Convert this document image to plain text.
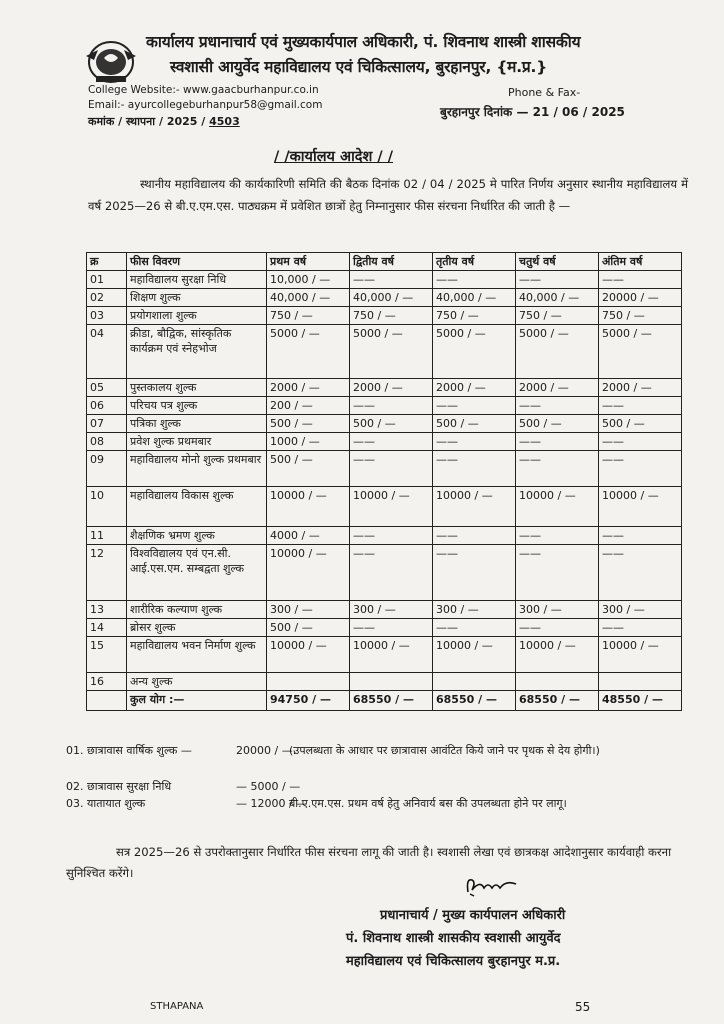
कार्यालय प्रधानाचार्य एवं मुख्यकार्यपाल अधिकारी, पं. शिवनाथ शास्त्री शासकीय
स्वशासी आयुर्वेद महाविद्यालय एवं चिकित्सालय, बुरहानपुर, {म.प्र.}
College Website:- www.gaacburhanpur.co.in
Email:- ayurcollegeburhanpur58@gmail.com
कमांक / स्थापना / 2025 / 4503
Phone & Fax-
बुरहानपुर दिनांक — 21 / 06 / 2025
/ /कार्यालय आदेश / /
स्थानीय महाविद्यालय की कार्यकारिणी समिति की बैठक दिनांक 02 / 04 / 2025 मे पारित निर्णय अनुसार स्थानीय महाविद्यालय में वर्ष 2025—26 से बी.ए.एम.एस. पाठ्यक्रम में प्रवेशित छात्रों हेतु निम्नानुसार फीस संरचना निर्धारित की जाती है —
क्र	फीस विवरण	प्रथम वर्ष	द्वितीय वर्ष	तृतीय वर्ष	चतुर्थ वर्ष	अंतिम वर्ष
01	महाविद्यालय सुरक्षा निधि	10,000 / —	——	——	——	——
02	शिक्षण शुल्क	40,000 / —	40,000 / —	40,000 / —	40,000 / —	20000 / —
03	प्रयोगशाला शुल्क	750 / —	750 / —	750 / —	750 / —	750 / —
04	क्रीडा, बौद्विक, सांस्कृतिक कार्यक्रम एवं स्नेहभोज	5000 / —	5000 / —	5000 / —	5000 / —	5000 / —
05	पुस्तकालय शुल्क	2000 / —	2000 / —	2000 / —	2000 / —	2000 / —
06	परिचय पत्र शुल्क	200 / —	——	——	——	——
07	पत्रिका शुल्क	500 / —	500 / —	500 / —	500 / —	500 / —
08	प्रवेश शुल्क प्रथमबार	1000 / —	——	——	——	——
09	महाविद्यालय मोनो शुल्क प्रथमबार	500 / —	——	——	——	——
10	महाविद्यालय विकास शुल्क	10000 / —	10000 / —	10000 / —	10000 / —	10000 / —
11	शैक्षणिक भ्रमण शुल्क	4000 / —	——	——	——	——
12	विश्वविद्यालय एवं एन.सी. आई.एस.एम. सम्बद्वता शुल्क	10000 / —	——	——	——	——
13	शारीरिक कल्याण शुल्क	300 / —	300 / —	300 / —	300 / —	300 / —
14	ब्रोसर शुल्क	500 / —	——	——	——	——
15	महाविद्यालय भवन निर्माण शुल्क	10000 / —	10000 / —	10000 / —	10000 / —	10000 / —
16	अन्य शुल्क					
	कुल योग :—	94750 / —	68550 / —	68550 / —	68550 / —	48550 / —
01. छात्रावास वार्षिक शुल्क —	20000 / —.
(उपलब्धता के आधार पर छात्रावास आवंटित किये जाने पर पृथक से देय होगी।)
02. छात्रावास सुरक्षा निधि	— 5000 / —
03. यातायात शुल्क	— 12000 / —
बी.ए.एम.एस. प्रथम वर्ष हेतु अनिवार्य बस की उपलब्धता होने पर लागू।
सत्र 2025—26 से उपरोक्तानुसार निर्धारित फीस संरचना लागू की जाती है। स्वशासी लेखा एवं छात्रकक्ष आदेशानुसार कार्यवाही करना सुनिश्चित करेंगे।
प्रधानाचार्य / मुख्य कार्यपालन अधिकारी
पं. शिवनाथ शास्त्री शासकीय स्वशासी आयुर्वेद
महाविद्यालय एवं चिकित्सालय बुरहानपुर म.प्र.
STHAPANA	55
